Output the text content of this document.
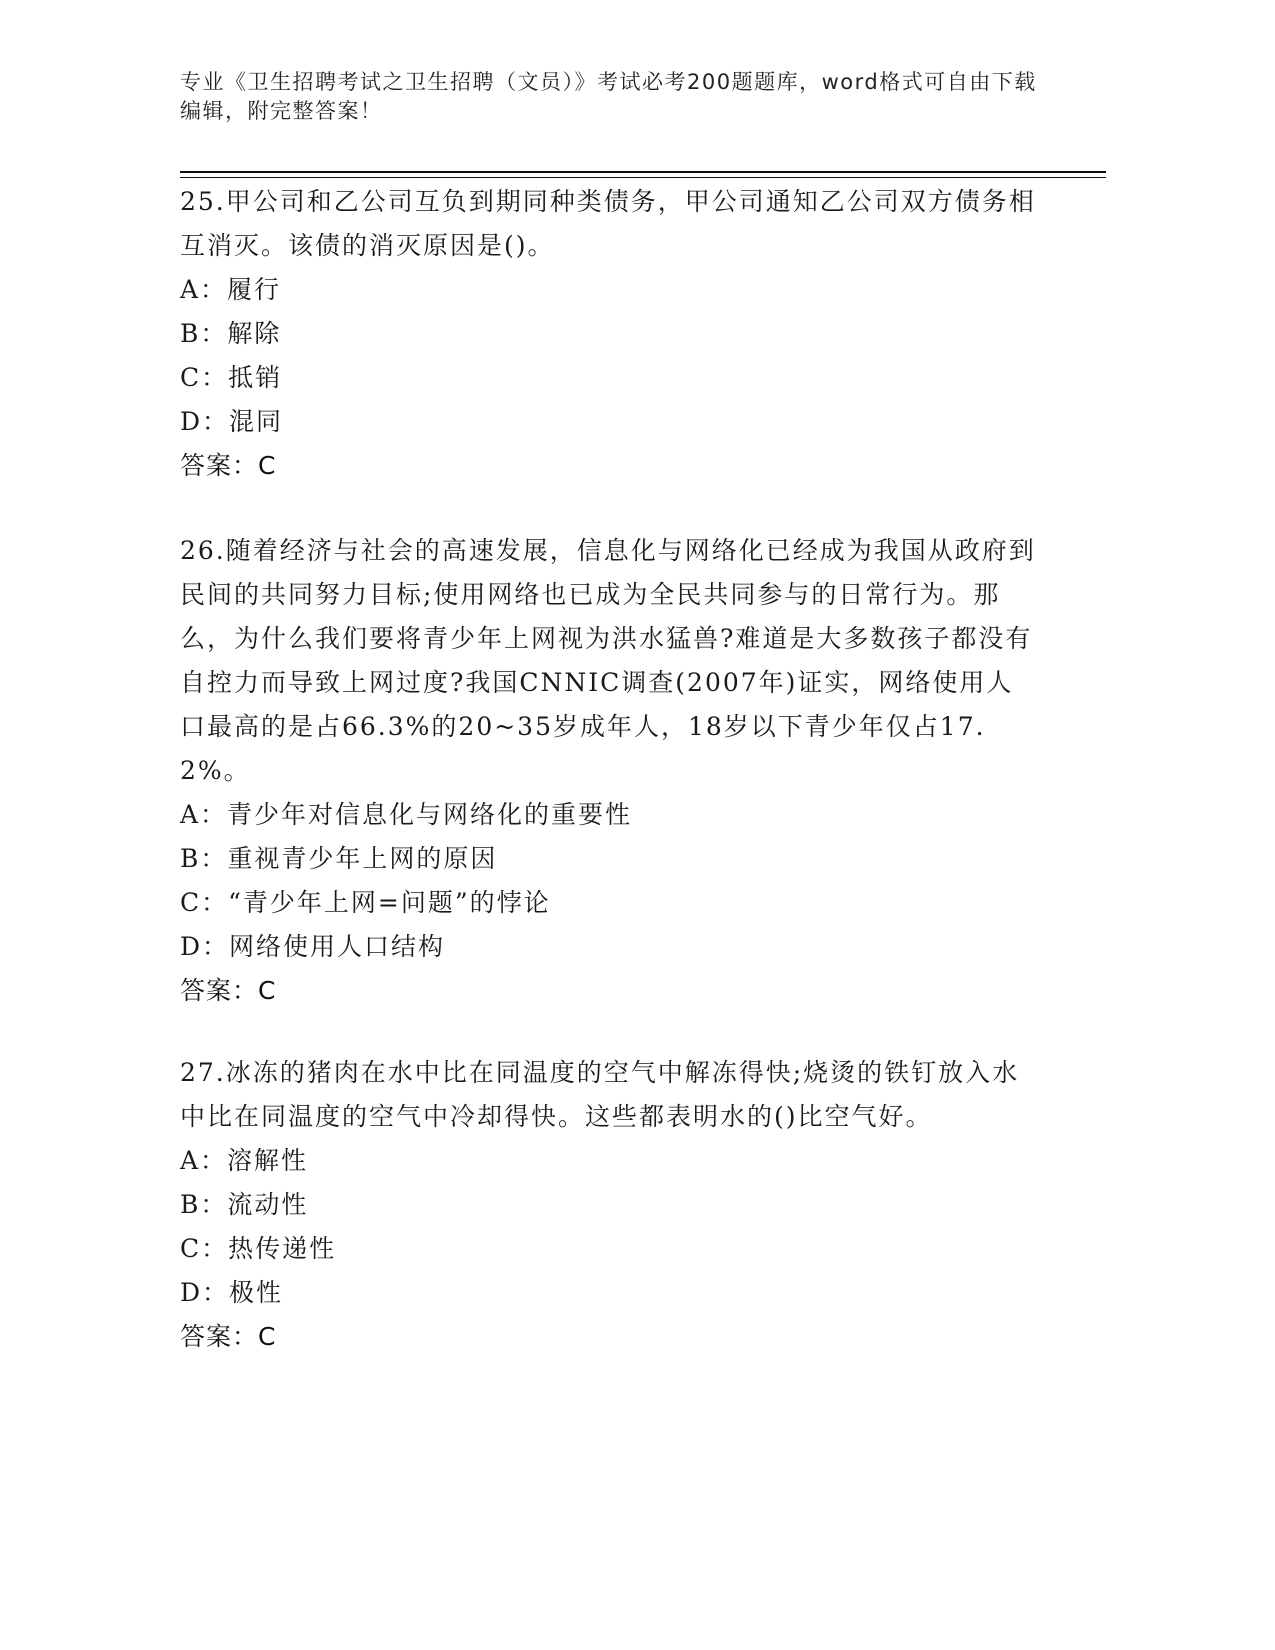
专业《卫生招聘考试之卫生招聘（文员）》考试必考200题题库，word格式可自由下载编辑，附完整答案！

25.甲公司和乙公司互负到期同种类债务，甲公司通知乙公司双方债务相互消灭。该债的消灭原因是()。

A：履行

B：解除

C：抵销

D：混同

答案：C

26.随着经济与社会的高速发展，信息化与网络化已经成为我国从政府到民间的共同努力目标;使用网络也已成为全民共同参与的日常行为。那么，为什么我们要将青少年上网视为洪水猛兽?难道是大多数孩子都没有自控力而导致上网过度?我国CNNIC调查(2007年)证实，网络使用人口最高的是占66.3%的20~35岁成年人，18岁以下青少年仅占17.2%。

A：青少年对信息化与网络化的重要性

B：重视青少年上网的原因

C：“青少年上网=问题”的悖论

D：网络使用人口结构

答案：C

27.冰冻的猪肉在水中比在同温度的空气中解冻得快;烧烫的铁钉放入水中比在同温度的空气中冷却得快。这些都表明水的()比空气好。

A：溶解性

B：流动性

C：热传递性

D：极性

答案：C
